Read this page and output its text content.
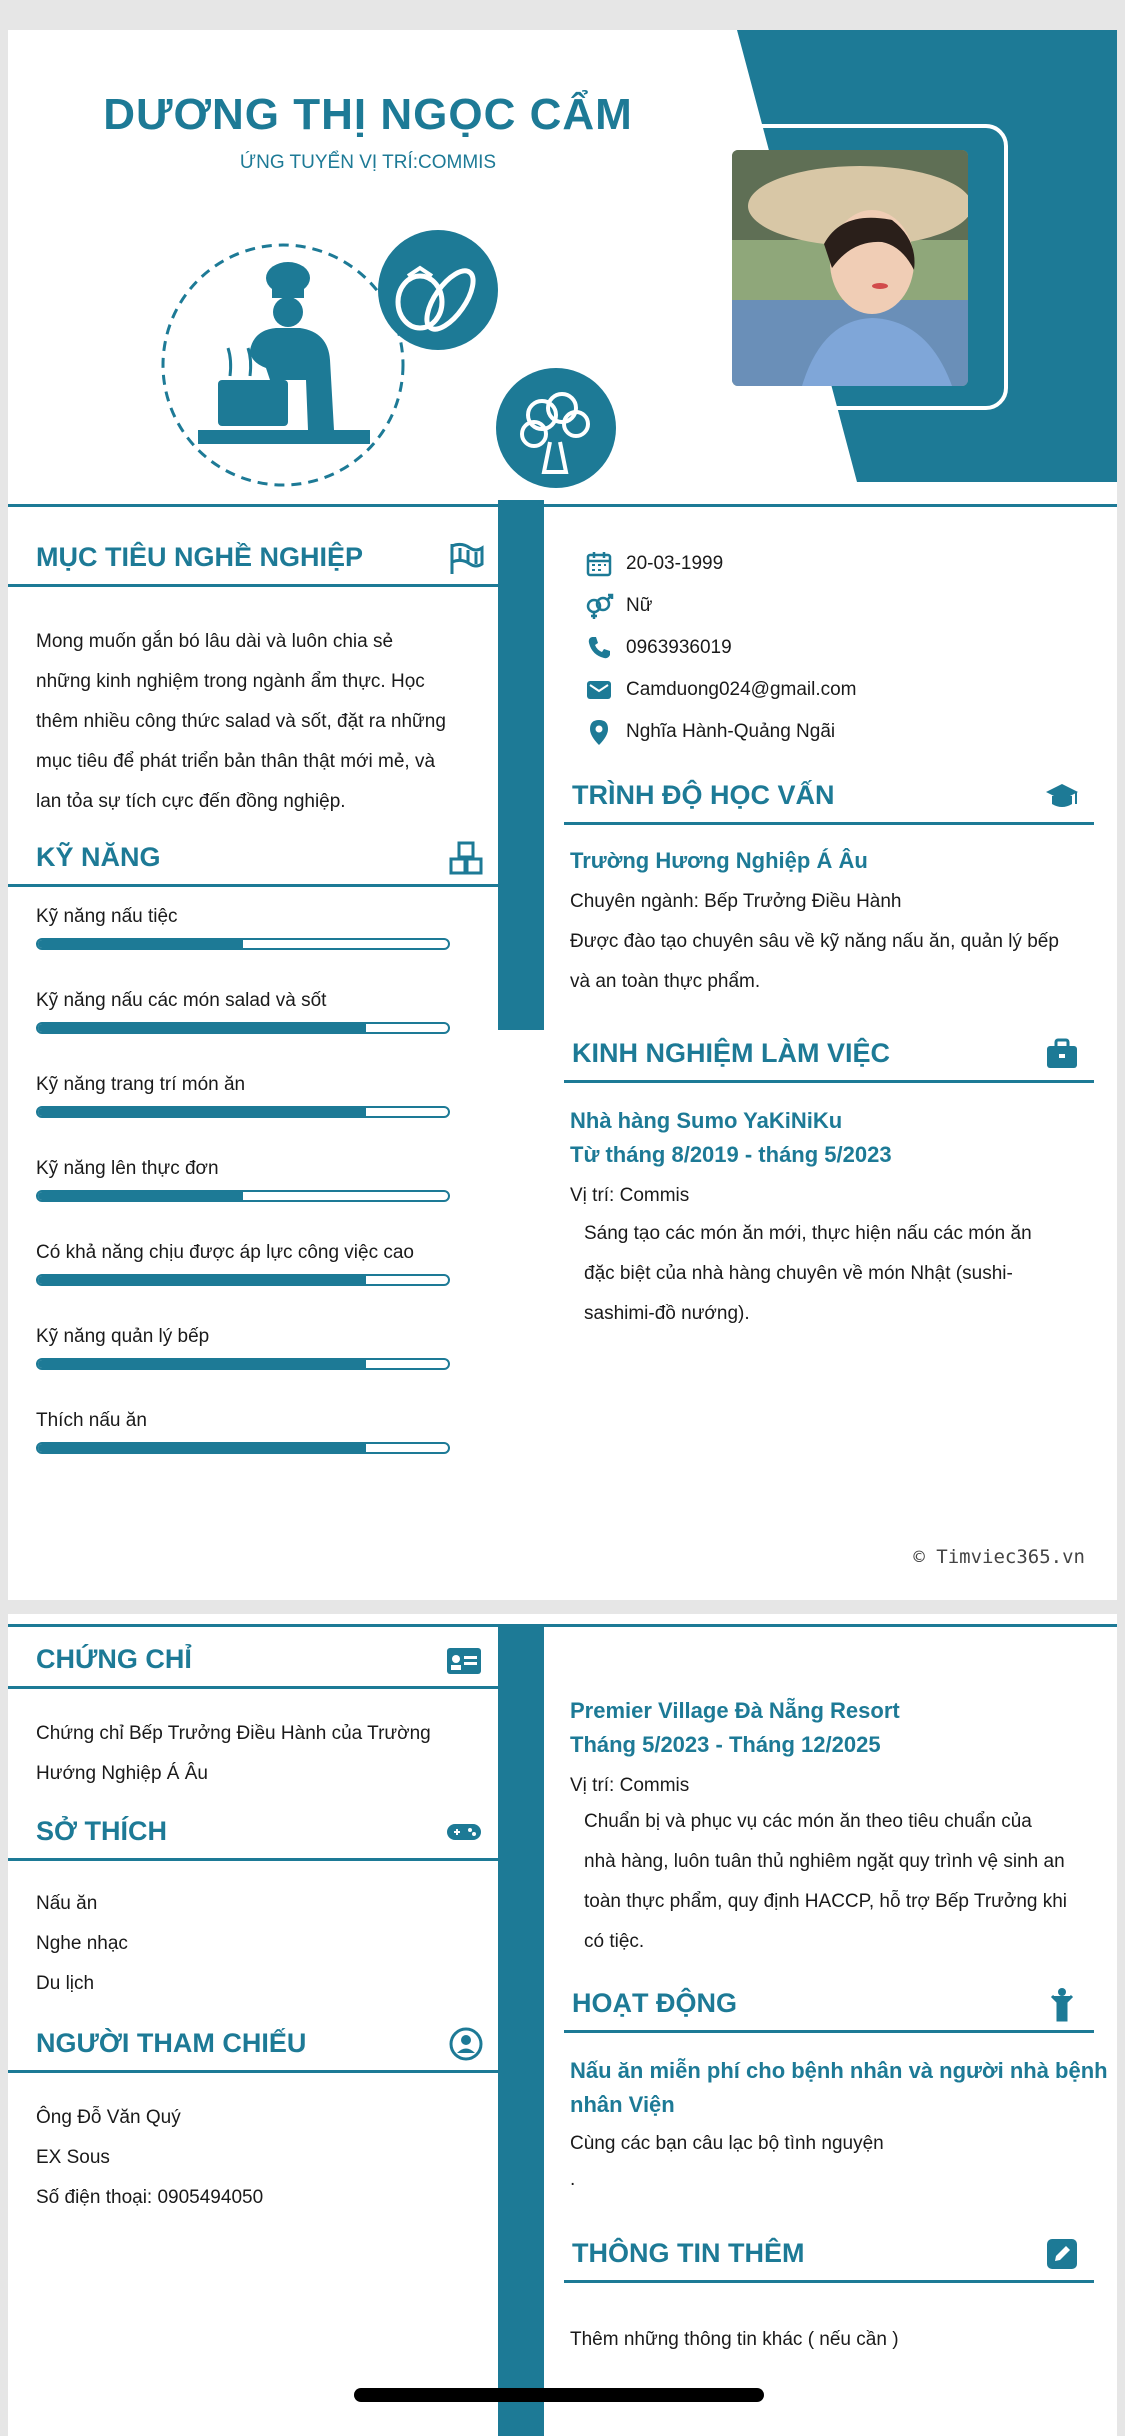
DƯƠNG THỊ NGỌC CẨM
ỨNG TUYỂN VỊ TRÍ:COMMIS
MỤC TIÊU NGHỀ NGHIỆP
Mong muốn gắn bó lâu dài và luôn chia sẻ
những kinh nghiệm trong ngành ẩm thực. Học
thêm nhiều công thức salad và sốt, đặt ra những
mục tiêu để phát triển bản thân thật mới mẻ, và
lan tỏa sự tích cực đến đồng nghiệp.
KỸ NĂNG
Kỹ năng nấu tiệc
Kỹ năng nấu các món salad và sốt
Kỹ năng trang trí món ăn
Kỹ năng lên thực đơn
Có khả năng chịu được áp lực công việc cao
Kỹ năng quản lý bếp
Thích nấu ăn
20-03-1999
Nữ
0963936019
Camduong024@gmail.com
Nghĩa Hành-Quảng Ngãi
TRÌNH ĐỘ HỌC VẤN
Trường Hương Nghiệp Á Âu
Chuyên ngành: Bếp Trưởng Điều Hành
Được đào tạo chuyên sâu về kỹ năng nấu ăn, quản lý bếp
và an toàn thực phẩm.
KINH NGHIỆM LÀM VIỆC
Nhà hàng Sumo YaKiNiKu
Từ tháng 8/2019 - tháng 5/2023
Vị trí: Commis
Sáng tạo các món ăn mới, thực hiện nấu các món ăn
đặc biệt của nhà hàng chuyên về món Nhật (sushi-
sashimi-đồ nướng).
© Timviec365.vn
CHỨNG CHỈ
Chứng chỉ Bếp Trưởng Điều Hành của Trường
Hướng Nghiệp Á Âu
SỞ THÍCH
Nấu ăn
Nghe nhạc
Du lịch
NGƯỜI THAM CHIẾU
Ông Đỗ Văn Quý
EX Sous
Số điện thoại: 0905494050
Premier Village Đà Nẵng Resort
Tháng 5/2023 - Tháng 12/2025
Vị trí: Commis
Chuẩn bị và phục vụ các món ăn theo tiêu chuẩn của
nhà hàng, luôn tuân thủ nghiêm ngặt quy trình vệ sinh an
toàn thực phẩm, quy định HACCP, hỗ trợ Bếp Trưởng khi
có tiệc.
HOẠT ĐỘNG
Nấu ăn miễn phí cho bệnh nhân và người nhà bệnh
nhân Viện
Cùng các bạn câu lạc bộ tình nguyện
.
THÔNG TIN THÊM
Thêm những thông tin khác ( nếu cần )
